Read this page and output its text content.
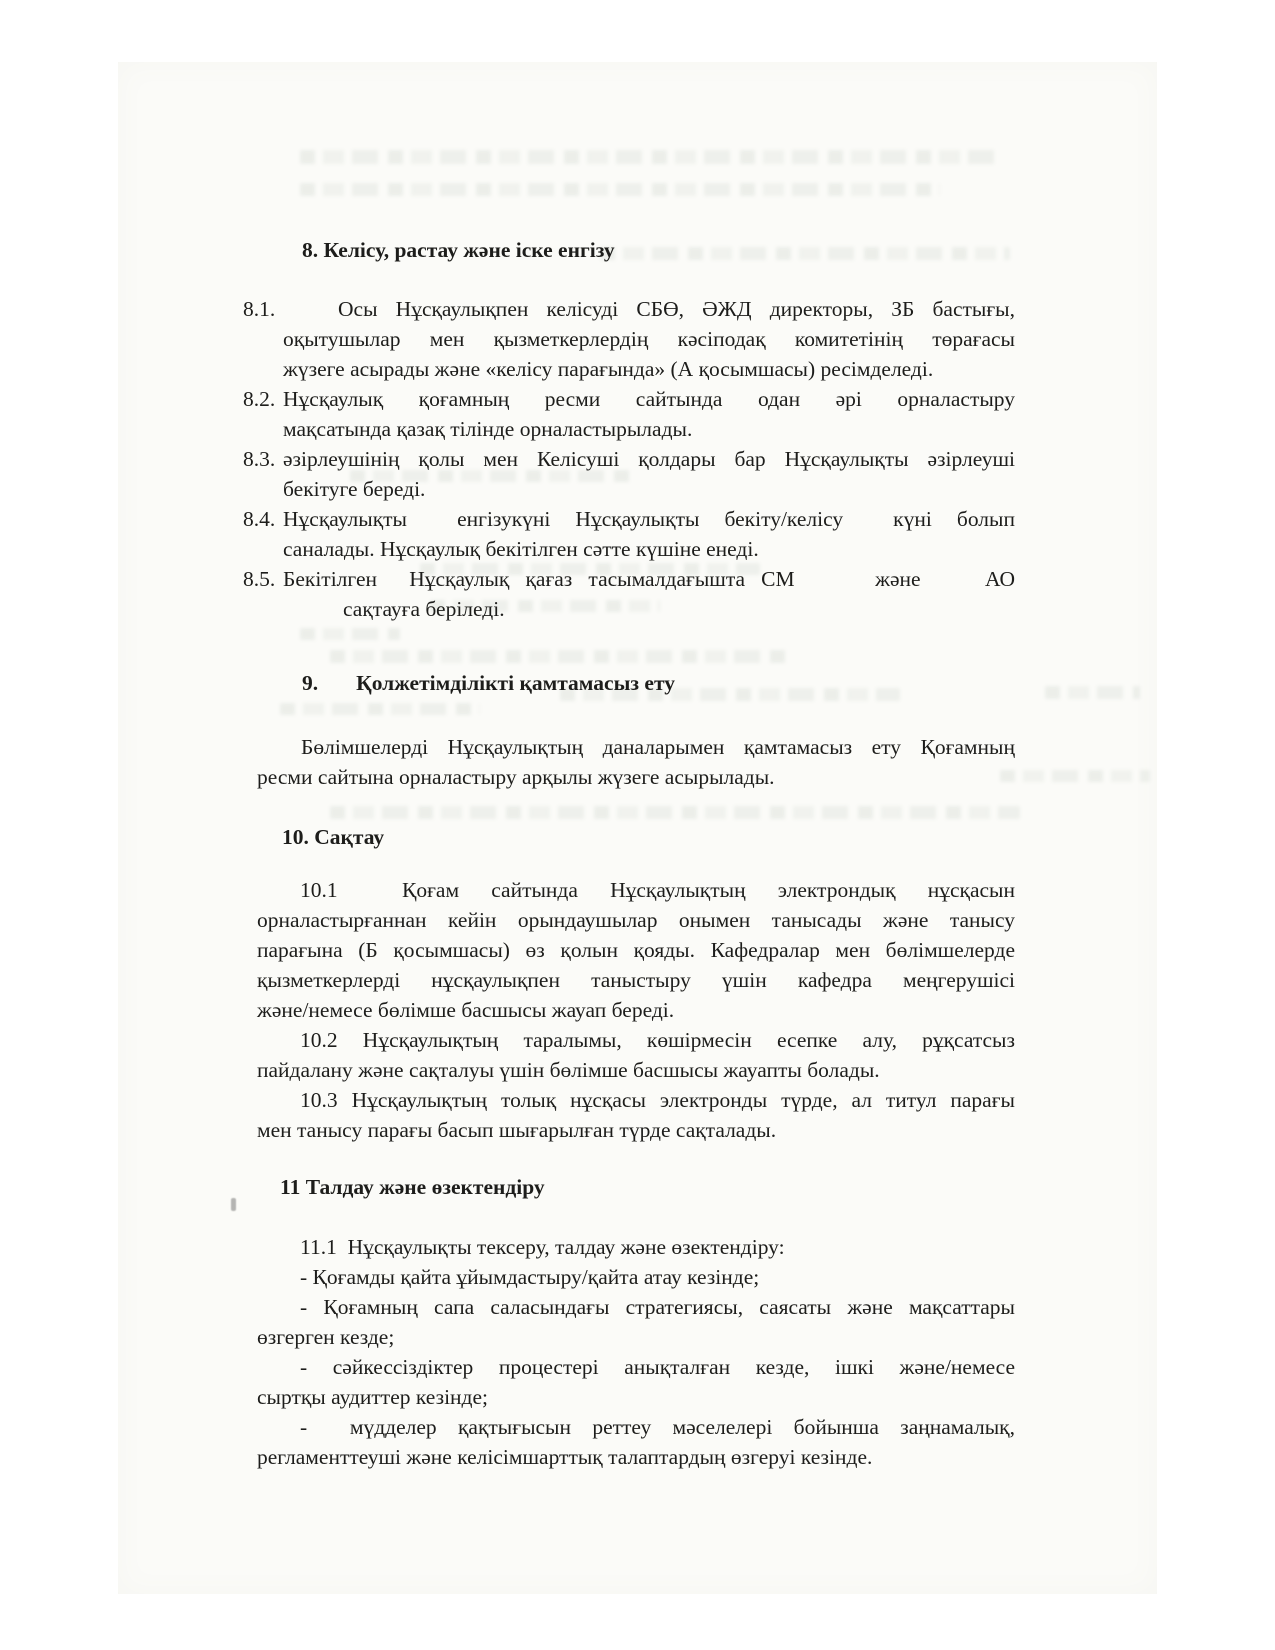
8. Келісу, растау және іске енгізу
8.1.	Осы Нұсқаулықпен келісуді СБӨ, ӘЖД директоры, ЗБ бастығы,
оқытушылар мен қызметкерлердің кәсіподақ комитетінің төрағасы
жүзеге асырады және «келісу парағында» (А қосымшасы) ресімделеді.
8.2. Нұсқаулық қоғамның ресми сайтында одан әрі орналастыру
мақсатында қазақ тілінде орналастырылады.
8.3. әзірлеушінің қолы мен Келісуші қолдары бар Нұсқаулықты әзірлеуші
бекітуге береді.
8.4. Нұсқаулықты  енгізукүні Нұсқаулықты бекіту/келісу  күні болып
саналады. Нұсқаулық бекітілген сәтте күшіне енеді.
8.5. Бекітілген  Нұсқаулық қағаз тасымалдағышта СМ     және    АО
сақтауға беріледі.
9. Қолжетімділікті қамтамасыз ету
Бөлімшелерді Нұсқаулықтың даналарымен қамтамасыз ету Қоғамның
ресми сайтына орналастыру арқылы жүзеге асырылады.
10. Сақтау
10.1  Қоғам сайтында Нұсқаулықтың электрондық нұсқасын
орналастырғаннан кейін орындаушылар онымен танысады және танысу
парағына (Б қосымшасы) өз қолын қояды. Кафедралар мен бөлімшелерде
қызметкерлерді нұсқаулықпен таныстыру үшін кафедра меңгерушісі
және/немесе бөлімше басшысы жауап береді.
10.2 Нұсқаулықтың таралымы, көшірмесін есепке алу, рұқсатсыз
пайдалану және сақталуы үшін бөлімше басшысы жауапты болады.
10.3 Нұсқаулықтың толық нұсқасы электронды түрде, ал титул парағы
мен танысу парағы басып шығарылған түрде сақталады.
11 Талдау және өзектендіру
11.1  Нұсқаулықты тексеру, талдау және өзектендіру:
- Қоғамды қайта ұйымдастыру/қайта атау кезінде;
- Қоғамның сапа саласындағы стратегиясы, саясаты және мақсаттары
өзгерген кезде;
- сәйкессіздіктер процестері анықталған кезде, ішкі және/немесе
сыртқы аудиттер кезінде;
-  мүдделер қақтығысын реттеу мәселелері бойынша заңнамалық,
регламенттеуші және келісімшарттық талаптардың өзгеруі кезінде.
